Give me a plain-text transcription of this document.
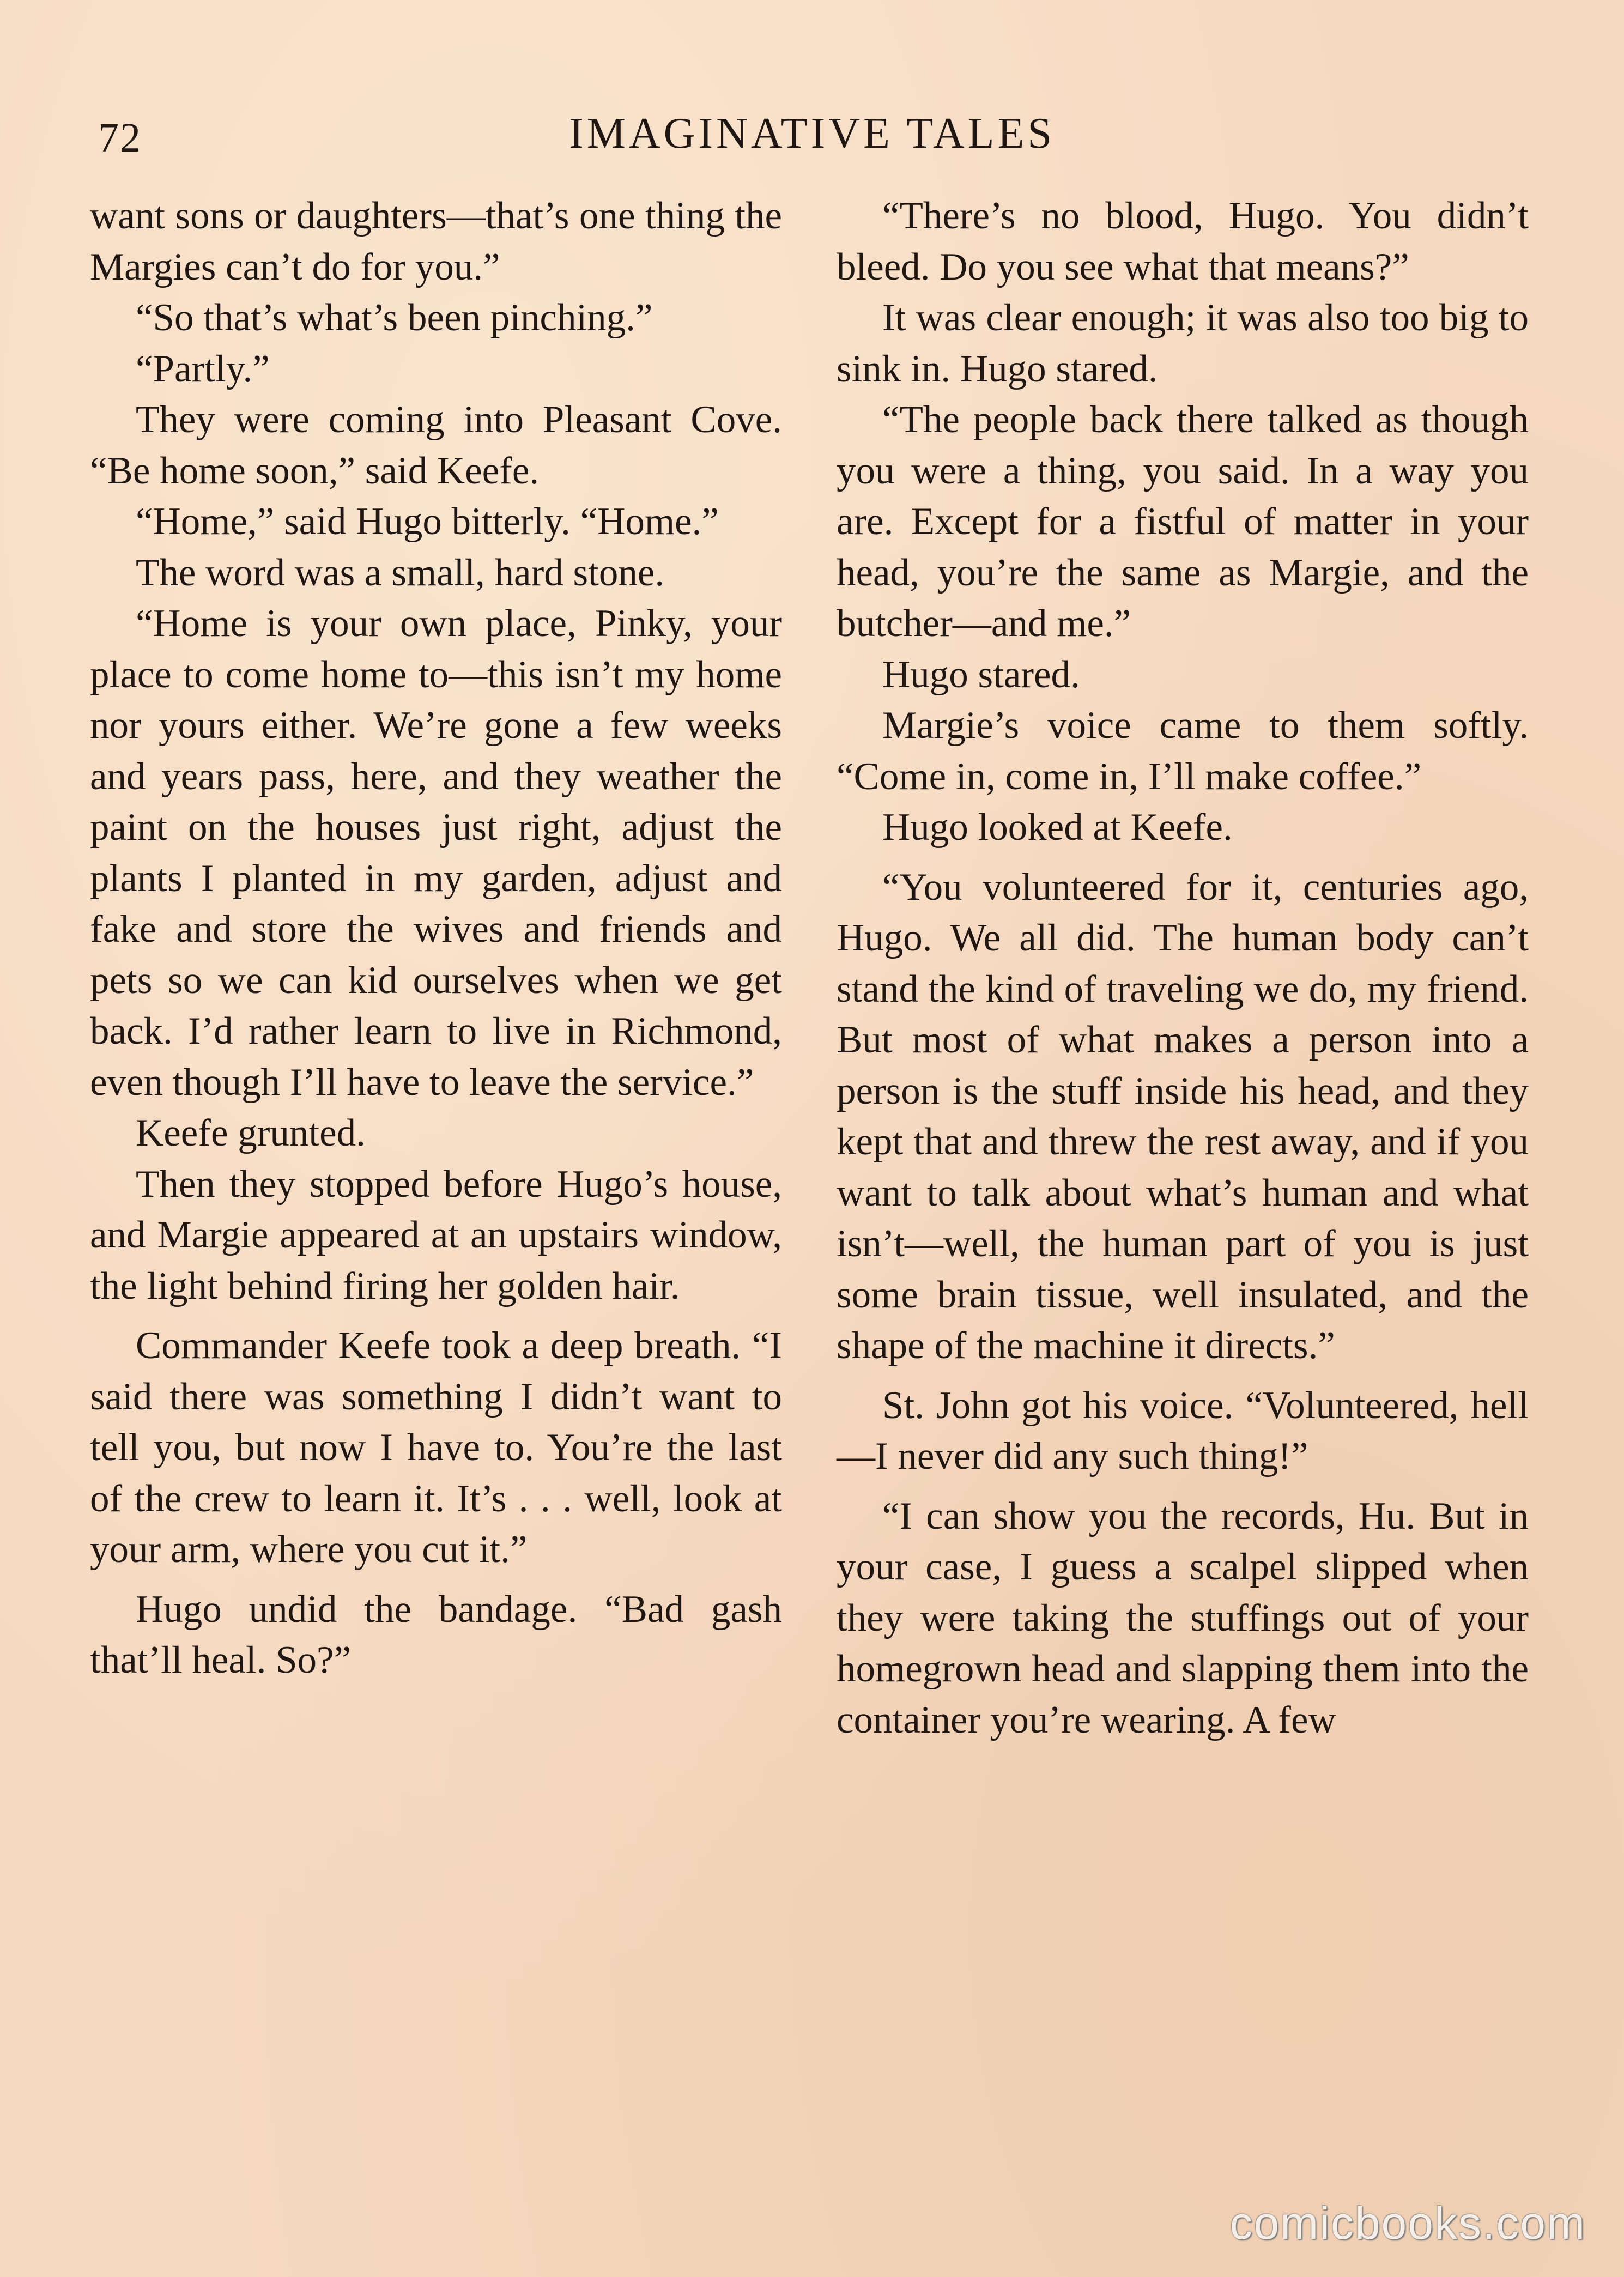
72	IMAGINATIVE TALES

want sons or daughters—that’s one thing the Margies can’t do for you.”

“So that’s what’s been pinching.”

“Partly.”

They were coming into Pleasant Cove. “Be home soon,” said Keefe.

“Home,” said Hugo bitterly. “Home.”

The word was a small, hard stone.

“Home is your own place, Pinky, your place to come home to—this isn’t my home nor yours either. We’re gone a few weeks and years pass, here, and they weather the paint on the houses just right, adjust the plants I planted in my garden, adjust and fake and store the wives and friends and pets so we can kid ourselves when we get back. I’d rather learn to live in Richmond, even though I’ll have to leave the service.”

Keefe grunted.

Then they stopped before Hugo’s house, and Margie appeared at an upstairs window, the light behind firing her golden hair.

Commander Keefe took a deep breath. “I said there was something I didn’t want to tell you, but now I have to. You’re the last of the crew to learn it. It’s . . . well, look at your arm, where you cut it.”

Hugo undid the bandage. “Bad gash that’ll heal. So?”

“There’s no blood, Hugo. You didn’t bleed. Do you see what that means?”

It was clear enough; it was also too big to sink in. Hugo stared.

“The people back there talked as though you were a thing, you said. In a way you are. Except for a fistful of matter in your head, you’re the same as Margie, and the butcher—and me.”

Hugo stared.

Margie’s voice came to them softly. “Come in, come in, I’ll make coffee.”

Hugo looked at Keefe.

“You volunteered for it, centuries ago, Hugo. We all did. The human body can’t stand the kind of traveling we do, my friend. But most of what makes a person into a person is the stuff inside his head, and they kept that and threw the rest away, and if you want to talk about what’s human and what isn’t—well, the human part of you is just some brain tissue, well insulated, and the shape of the machine it directs.”

St. John got his voice. “Volunteered, hell—I never did any such thing!”

“I can show you the records, Hu. But in your case, I guess a scalpel slipped when they were taking the stuffings out of your homegrown head and slapping them into the container you’re wearing. A few

comicbooks.com
